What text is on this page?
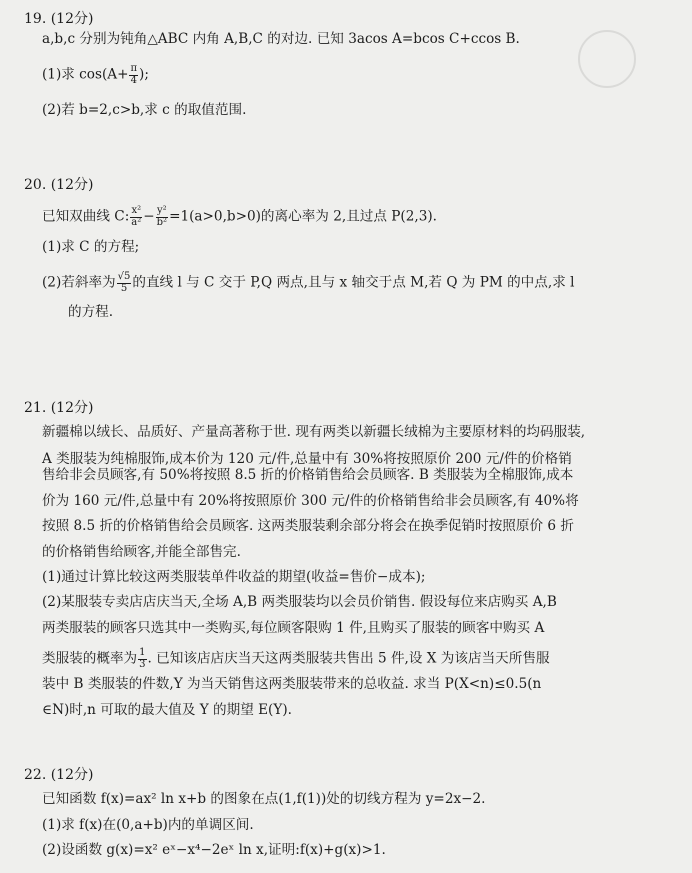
19. (12分)
a,b,c 分别为钝角△ABC 内角 A,B,C 的对边. 已知 3acos A=bcos C+ccos B.
(1)求 $\cos(A+ \frac{\pi}{4}$ );
(2)若 b=2,c>b,求 c 的取值范围.
20. (12分)
已知双曲线 C: $\frac{\text{x²}}{\text{a²}} - \frac{\text{y²}}{\text{b²}} =1(a>0,b>0)$的离心率为 2,且过点 P(2,3).
(1)求 C 的方程;
(2)若斜率为 $\frac{√5}{5}$ 的直线 l 与 C 交于 P,Q 两点,且与 x 轴交于点 M,若 Q 为 PM 的中点,求 l
的方程.
21. (12分)
新疆棉以绒长、品质好、产量高著称于世. 现有两类以新疆长绒棉为主要原材料的均码服装,
A 类服装为纯棉服饰,成本价为 120 元/件,总量中有 30%将按照原价 200 元/件的价格销
售给非会员顾客,有 50%将按照 8.5 折的价格销售给会员顾客. B 类服装为全棉服饰,成本
价为 160 元/件,总量中有 20%将按照原价 300 元/件的价格销售给非会员顾客,有 40%将
按照 8.5 折的价格销售给会员顾客. 这两类服装剩余部分将会在换季促销时按照原价 6 折
的价格销售给顾客,并能全部售完.
(1)通过计算比较这两类服装单件收益的期望(收益=售价−成本);
(2)某服装专卖店店庆当天,全场 A,B 两类服装均以会员价销售. 假设每位来店购买 A,B
两类服装的顾客只选其中一类购买,每位顾客限购 1 件,且购买了服装的顾客中购买 A
类服装的概率为 $\frac{1}{3}$ . 已知该店店庆当天这两类服装共售出 5 件,设 X 为该店当天所售服
装中 B 类服装的件数,Y 为当天销售这两类服装带来的总收益. 求当 P(X<n)≤0.5(n
∈N)时,n 可取的最大值及 Y 的期望 E(Y).
22. (12分)
已知函数 f(x)=ax² ln x+b 的图象在点(1,f(1))处的切线方程为 y=2x−2.
(1)求 f(x)在(0,a+b)内的单调区间.
(2)设函数 g(x)=x² eˣ−x⁴−2eˣ ln x,证明:f(x)+g(x)>1.
